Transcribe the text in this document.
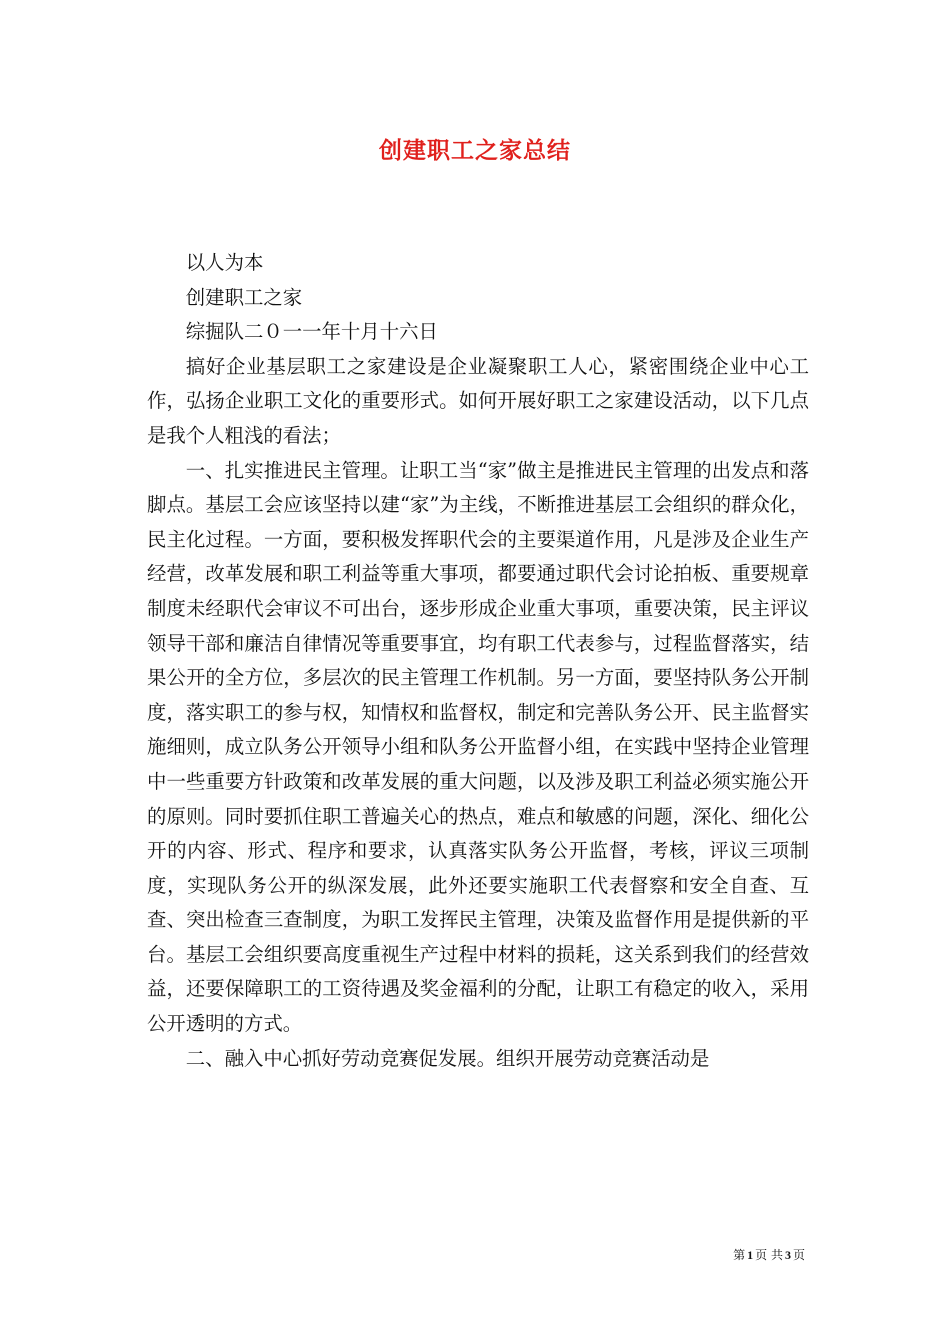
创建职工之家总结

以人为本

创建职工之家

综掘队二０一一年十月十六日

搞好企业基层职工之家建设是企业凝聚职工人心，紧密围绕企业中心工作，弘扬企业职工文化的重要形式。如何开展好职工之家建设活动，以下几点是我个人粗浅的看法；

一、扎实推进民主管理。让职工当“家”做主是推进民主管理的出发点和落脚点。基层工会应该坚持以建“家”为主线，不断推进基层工会组织的群众化，民主化过程。一方面，要积极发挥职代会的主要渠道作用，凡是涉及企业生产经营，改革发展和职工利益等重大事项，都要通过职代会讨论拍板、重要规章制度未经职代会审议不可出台，逐步形成企业重大事项，重要决策，民主评议领导干部和廉洁自律情况等重要事宜，均有职工代表参与，过程监督落实，结果公开的全方位，多层次的民主管理工作机制。另一方面，要坚持队务公开制度，落实职工的参与权，知情权和监督权，制定和完善队务公开、民主监督实施细则，成立队务公开领导小组和队务公开监督小组，在实践中坚持企业管理中一些重要方针政策和改革发展的重大问题，以及涉及职工利益必须实施公开的原则。同时要抓住职工普遍关心的热点，难点和敏感的问题，深化、细化公开的内容、形式、程序和要求，认真落实队务公开监督，考核，评议三项制度，实现队务公开的纵深发展，此外还要实施职工代表督察和安全自查、互查、突出检查三查制度，为职工发挥民主管理，决策及监督作用是提供新的平台。基层工会组织要高度重视生产过程中材料的损耗，这关系到我们的经营效益，还要保障职工的工资待遇及奖金福利的分配，让职工有稳定的收入，采用公开透明的方式。

二、融入中心抓好劳动竞赛促发展。组织开展劳动竞赛活动是

第 1 页 共 3 页
